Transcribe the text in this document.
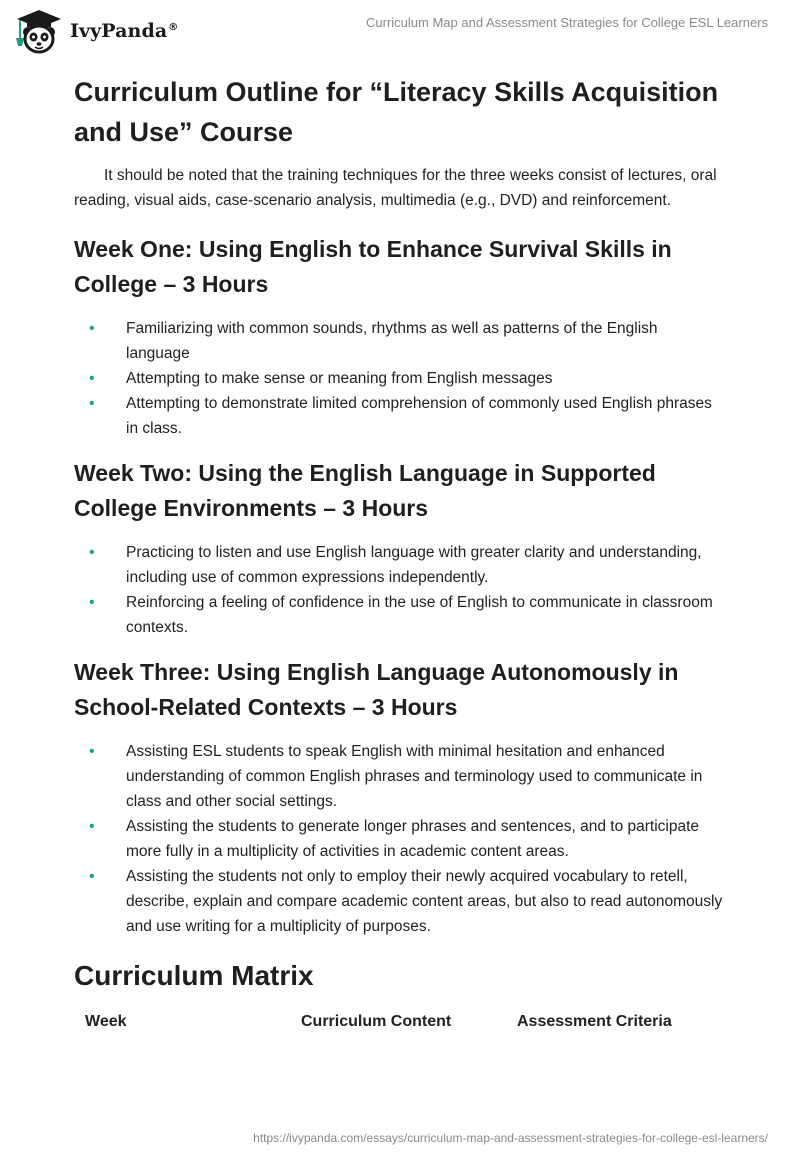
IvyPanda®	Curriculum Map and Assessment Strategies for College ESL Learners
Curriculum Outline for “Literacy Skills Acquisition and Use” Course

It should be noted that the training techniques for the three weeks consist of lectures, oral reading, visual aids, case-scenario analysis, multimedia (e.g., DVD) and reinforcement.

Week One: Using English to Enhance Survival Skills in College – 3 Hours
• Familiarizing with common sounds, rhythms as well as patterns of the English language
• Attempting to make sense or meaning from English messages
• Attempting to demonstrate limited comprehension of commonly used English phrases in class.
Week Two: Using the English Language in Supported College Environments – 3 Hours
• Practicing to listen and use English language with greater clarity and understanding, including use of common expressions independently.
• Reinforcing a feeling of confidence in the use of English to communicate in classroom contexts.
Week Three: Using English Language Autonomously in School-Related Contexts – 3 Hours
• Assisting ESL students to speak English with minimal hesitation and enhanced understanding of common English phrases and terminology used to communicate in class and other social settings.
• Assisting the students to generate longer phrases and sentences, and to participate more fully in a multiplicity of activities in academic content areas.
• Assisting the students not only to employ their newly acquired vocabulary to retell, describe, explain and compare academic content areas, but also to read autonomously and use writing for a multiplicity of purposes.
Curriculum Matrix
Week	Curriculum Content	Assessment Criteria
https://ivypanda.com/essays/curriculum-map-and-assessment-strategies-for-college-esl-learners/
